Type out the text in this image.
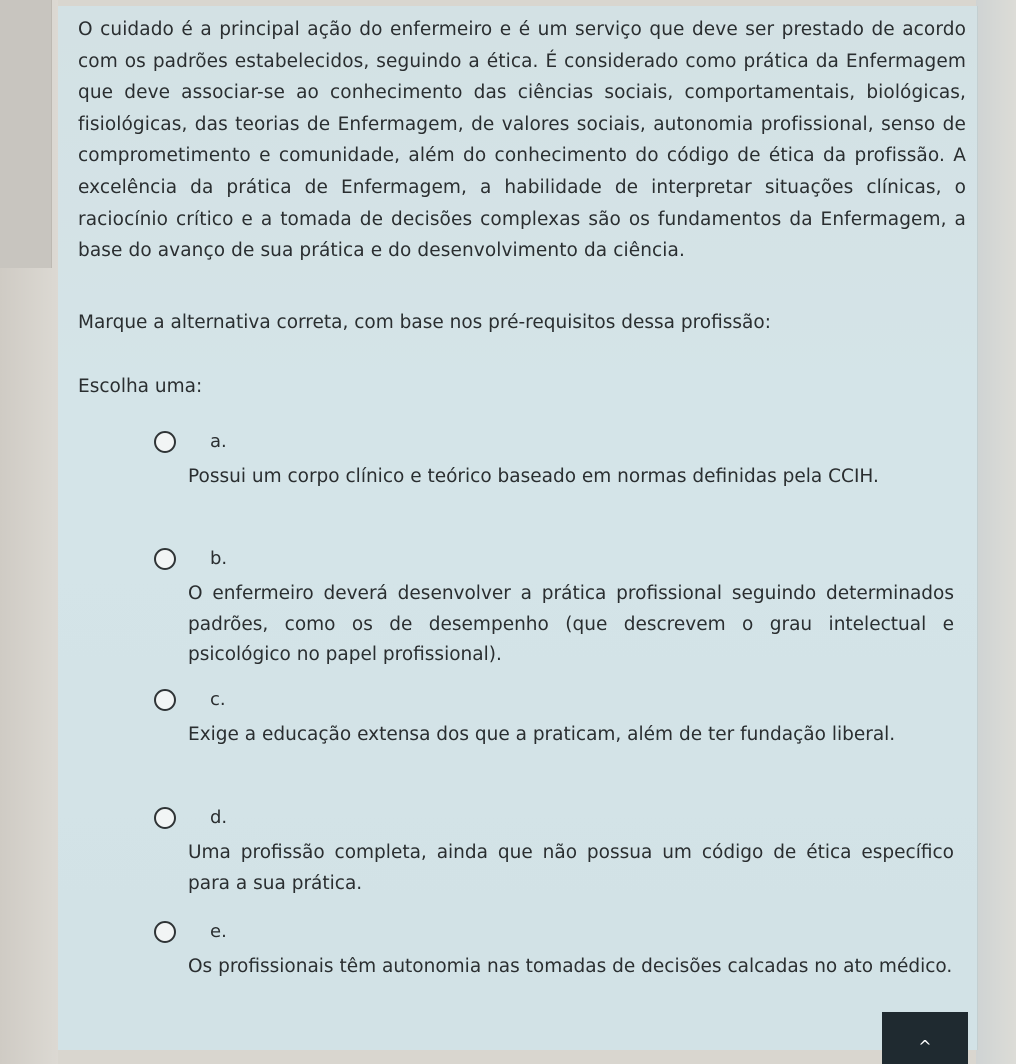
O cuidado é a principal ação do enfermeiro e é um serviço que deve ser prestado de acordo com os padrões estabelecidos, seguindo a ética. É considerado como prática da Enfermagem que deve associar-se ao conhecimento das ciências sociais, comportamentais, biológicas, fisiológicas, das teorias de Enfermagem, de valores sociais, autonomia profissional, senso de comprometimento e comunidade, além do conhecimento do código de ética da profissão. A excelência da prática de Enfermagem, a habilidade de interpretar situações clínicas, o raciocínio crítico e a tomada de decisões complexas são os fundamentos da Enfermagem, a base do avanço de sua prática e do desenvolvimento da ciência.
Marque a alternativa correta, com base nos pré-requisitos dessa profissão:
Escolha uma:
a.
Possui um corpo clínico e teórico baseado em normas definidas pela CCIH.
b.
O enfermeiro deverá desenvolver a prática profissional seguindo determinados padrões, como os de desempenho (que descrevem o grau intelectual e psicológico no papel profissional).
c.
Exige a educação extensa dos que a praticam, além de ter fundação liberal.
d.
Uma profissão completa, ainda que não possua um código de ética específico para a sua prática.
e.
Os profissionais têm autonomia nas tomadas de decisões calcadas no ato médico.
^
